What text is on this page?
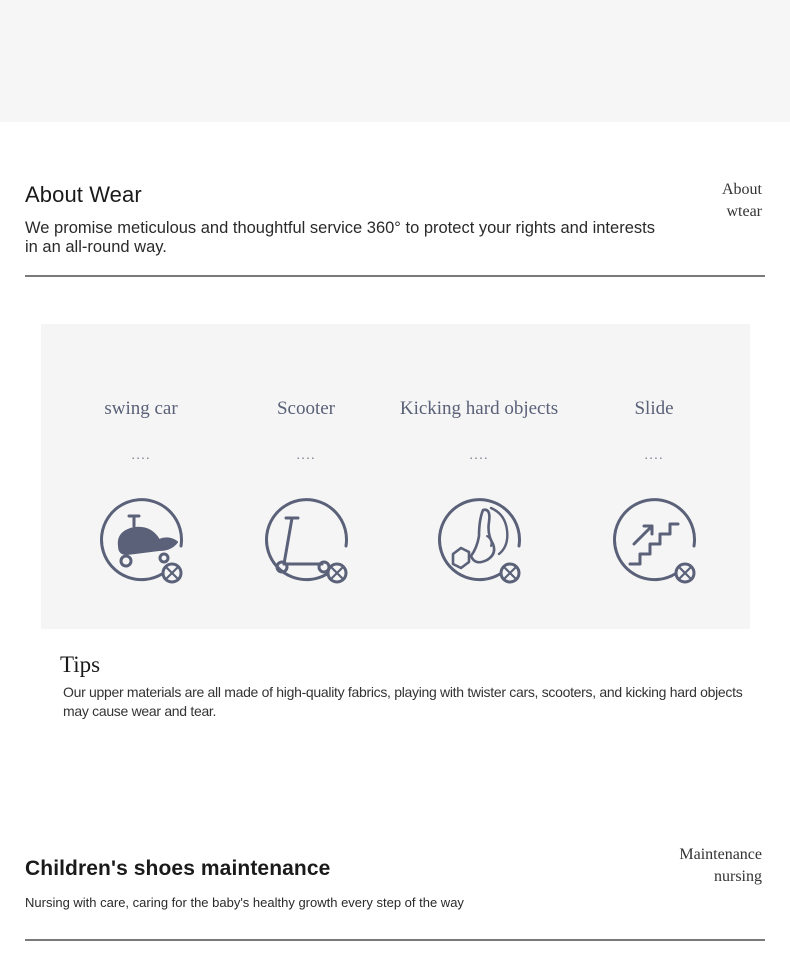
About Wear

We promise meticulous and thoughtful service 360° to protect your rights and interests in an all-round way.

About
wtear
swing car
....
Scooter
....
Kicking hard objects
....
Slide
....
Tips

Our upper materials are all made of high-quality fabrics, playing with twister cars, scooters, and kicking hard objects may cause wear and tear.

Children's shoes maintenance

Nursing with care, caring for the baby's healthy growth every step of the way

Maintenance
nursing
